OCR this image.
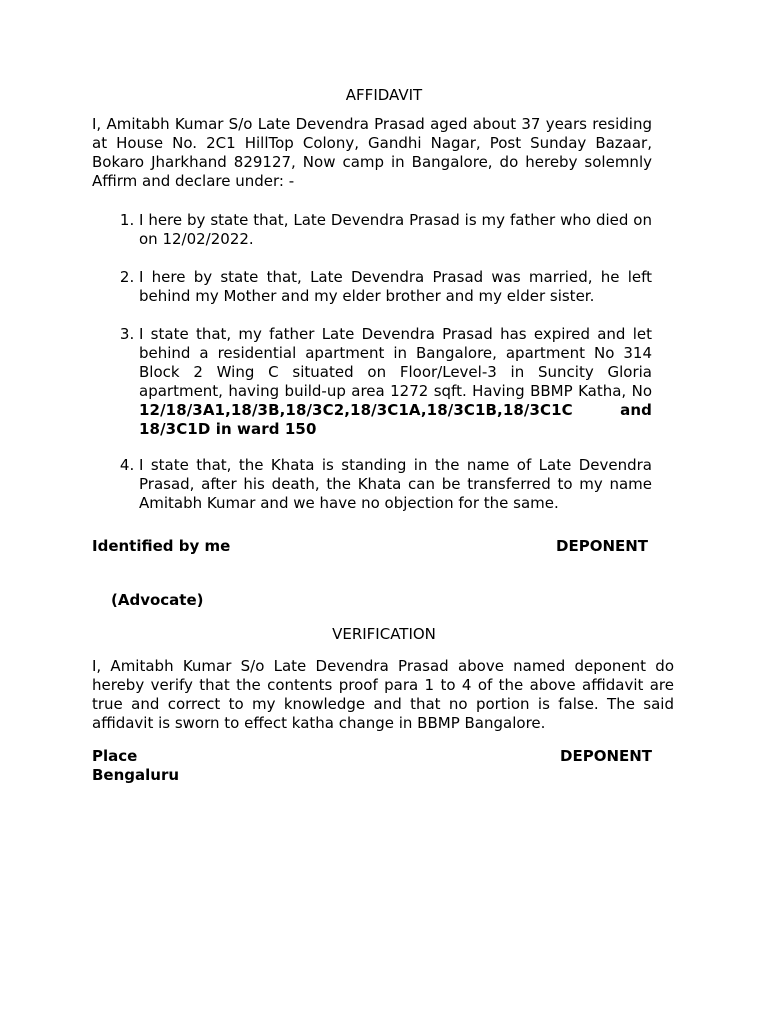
AFFIDAVIT
I, Amitabh Kumar S/o Late Devendra Prasad aged about 37 years residing at House No. 2C1 HillTop Colony, Gandhi Nagar, Post Sunday Bazaar, Bokaro Jharkhand 829127, Now camp in Bangalore, do hereby solemnly Affirm and declare under: -
1. I here by state that, Late Devendra Prasad is my father who died on on 12/02/2022.
2. I here by state that, Late Devendra Prasad was married, he left behind my Mother and my elder brother and my elder sister.
3. I state that, my father Late Devendra Prasad has expired and let behind a residential apartment in Bangalore, apartment No 314 Block 2 Wing C situated on Floor/Level-3 in Suncity Gloria apartment, having build-up area 1272 sqft. Having BBMP Katha, No 12/18/3A1,18/3B,18/3C2,18/3C1A,18/3C1B,18/3C1C and 18/3C1D in ward 150
4. I state that, the Khata is standing in the name of Late Devendra Prasad, after his death, the Khata can be transferred to my name Amitabh Kumar and we have no objection for the same.
Identified by me	DEPONENT
(Advocate)
VERIFICATION
I, Amitabh Kumar S/o Late Devendra Prasad above named deponent do hereby verify that the contents proof para 1 to 4 of the above affidavit are true and correct to my knowledge and that no portion is false. The said affidavit is sworn to effect katha change in BBMP Bangalore.
Place
Bengaluru
DEPONENT
